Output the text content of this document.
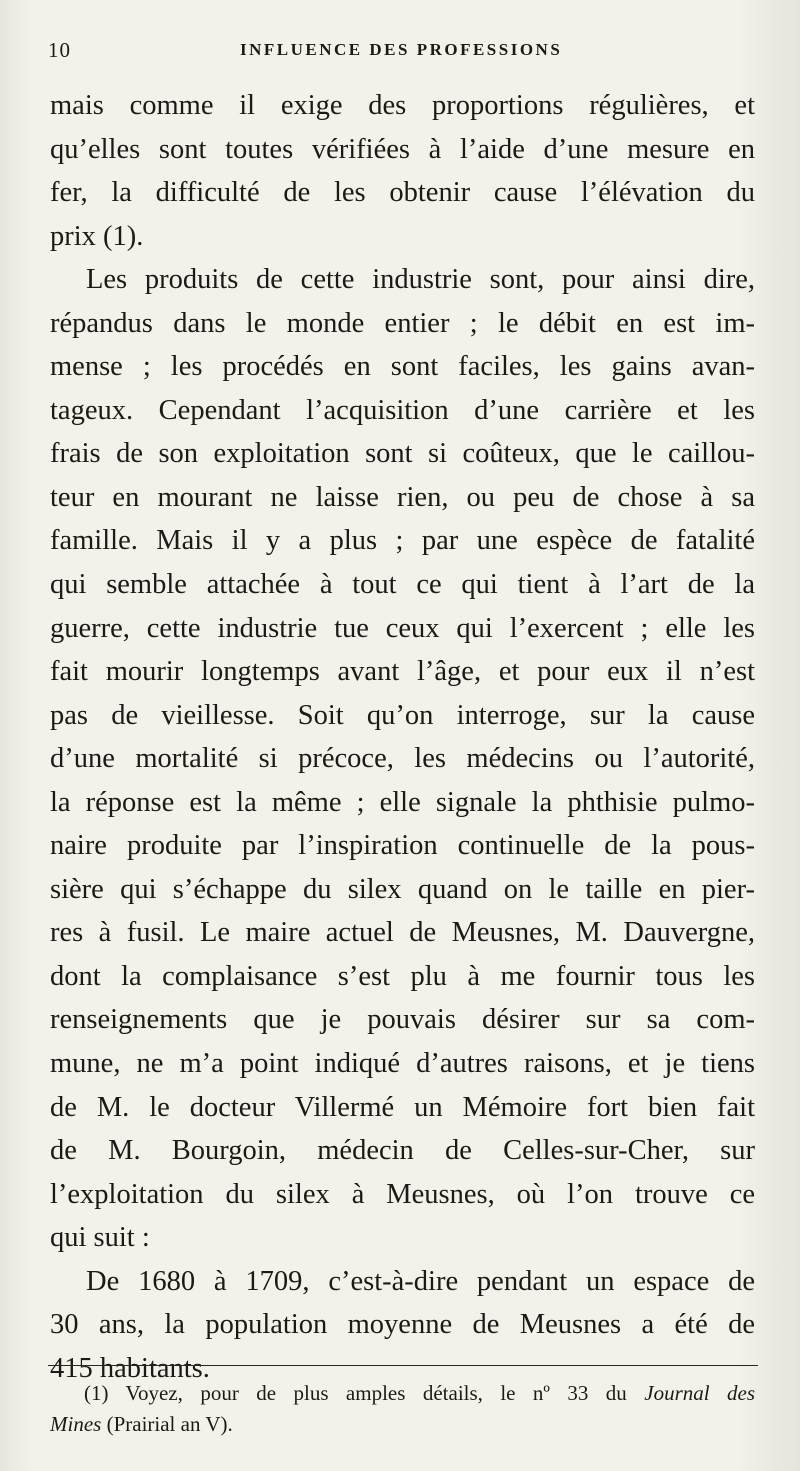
10	INFLUENCE DES PROFESSIONS
mais comme il exige des proportions régulières, et
qu’elles sont toutes vérifiées à l’aide d’une mesure en
fer, la difficulté de les obtenir cause l’élévation du
prix (1).
Les produits de cette industrie sont, pour ainsi dire,
répandus dans le monde entier ; le débit en est im-
mense ; les procédés en sont faciles, les gains avan-
tageux. Cependant l’acquisition d’une carrière et les
frais de son exploitation sont si coûteux, que le caillou-
teur en mourant ne laisse rien, ou peu de chose à sa
famille. Mais il y a plus ; par une espèce de fatalité
qui semble attachée à tout ce qui tient à l’art de la
guerre, cette industrie tue ceux qui l’exercent ; elle les
fait mourir longtemps avant l’âge, et pour eux il n’est
pas de vieillesse. Soit qu’on interroge, sur la cause
d’une mortalité si précoce, les médecins ou l’autorité,
la réponse est la même ; elle signale la phthisie pulmo-
naire produite par l’inspiration continuelle de la pous-
sière qui s’échappe du silex quand on le taille en pier-
res à fusil. Le maire actuel de Meusnes, M. Dauvergne,
dont la complaisance s’est plu à me fournir tous les
renseignements que je pouvais désirer sur sa com-
mune, ne m’a point indiqué d’autres raisons, et je tiens
de M. le docteur Villermé un Mémoire fort bien fait
de M. Bourgoin, médecin de Celles-sur-Cher, sur
l’exploitation du silex à Meusnes, où l’on trouve ce
qui suit :
De 1680 à 1709, c’est-à-dire pendant un espace de
30 ans, la population moyenne de Meusnes a été de
415 habitants.
(1) Voyez, pour de plus amples détails, le nº 33 du Journal des
Mines (Prairial an V).
